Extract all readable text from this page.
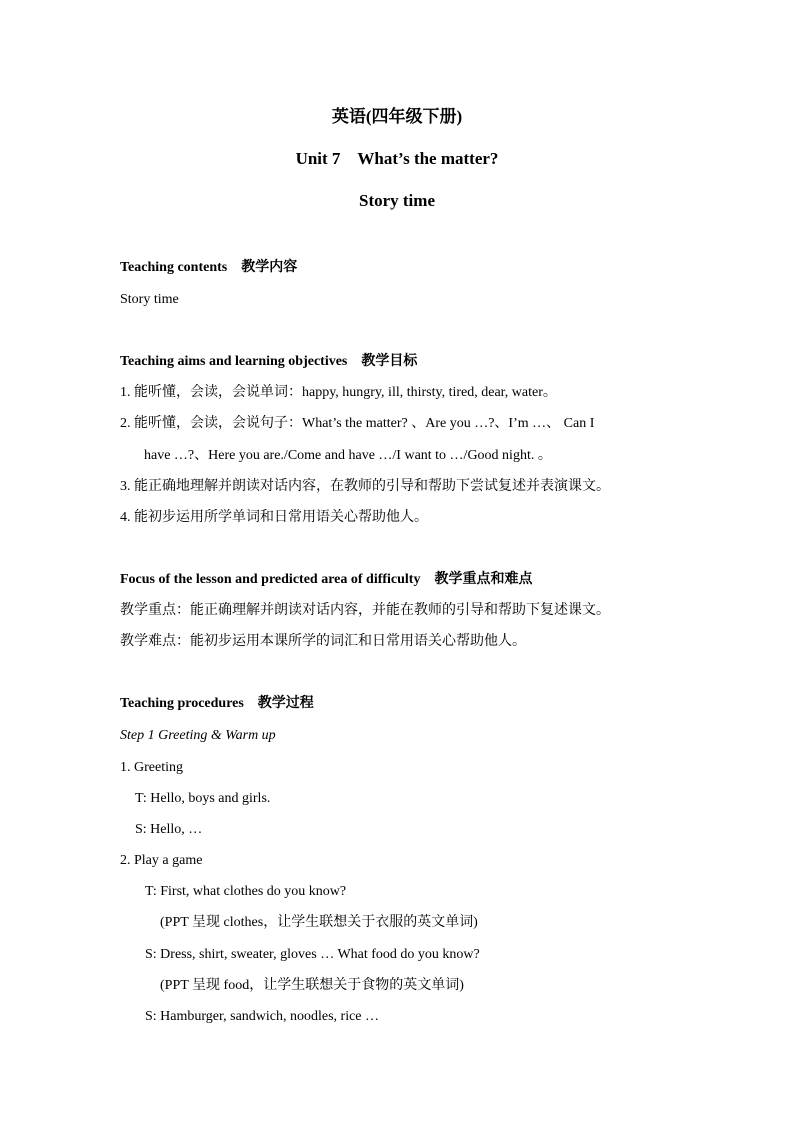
英语(四年级下册)
Unit 7　What’s the matter?
Story time
Teaching contents　教学内容
Story time
Teaching aims and learning objectives　教学目标
1. 能听懂，会读，会说单词：happy, hungry, ill, thirsty, tired, dear, water。
2. 能听懂，会读，会说句子：What’s the matter? 、Are you …?、I’m …、 Can I
have …?、Here you are./Come and have …/I want to …/Good night. 。
3. 能正确地理解并朗读对话内容，在教师的引导和帮助下尝试复述并表演课文。
4. 能初步运用所学单词和日常用语关心帮助他人。
Focus of the lesson and predicted area of difficulty　教学重点和难点
教学重点：能正确理解并朗读对话内容，并能在教师的引导和帮助下复述课文。
教学难点：能初步运用本课所学的词汇和日常用语关心帮助他人。
Teaching procedures　教学过程
Step 1 Greeting & Warm up
1. Greeting
T: Hello, boys and girls.
S: Hello, …
2. Play a game
T: First, what clothes do you know?
(PPT 呈现 clothes，让学生联想关于衣服的英文单词)
S: Dress, shirt, sweater, gloves … What food do you know?
(PPT 呈现 food，让学生联想关于食物的英文单词)
S: Hamburger, sandwich, noodles, rice …
